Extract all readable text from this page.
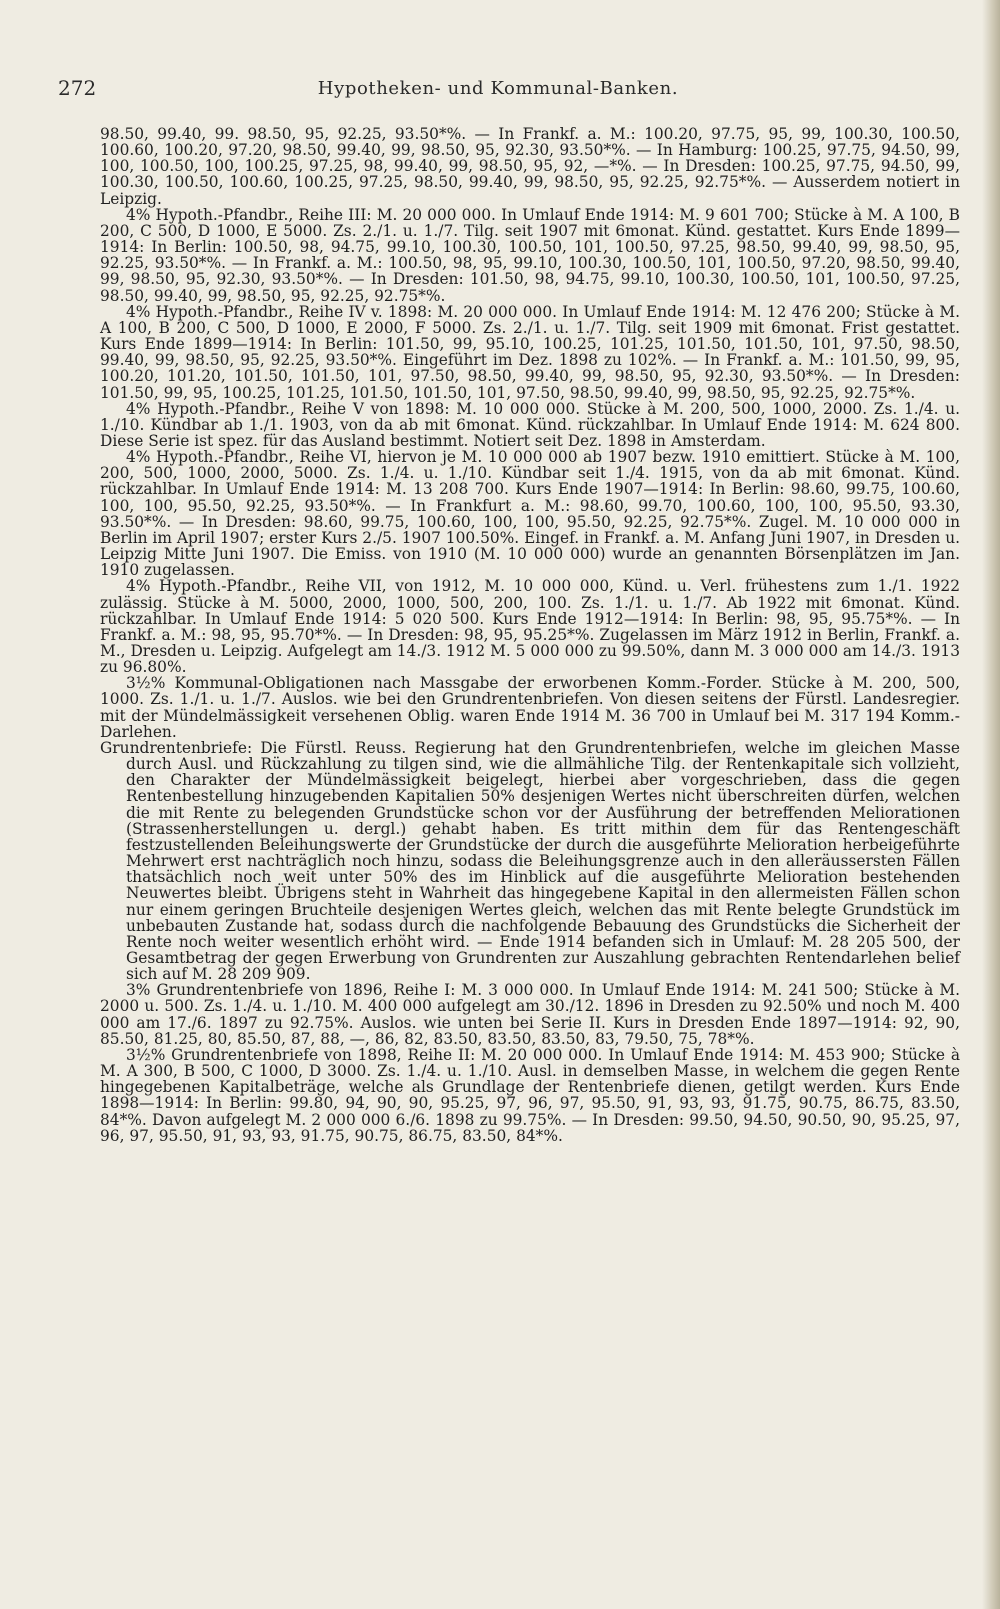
272	Hypotheken- und Kommunal-Banken.

98.50, 99.40, 99. 98.50, 95, 92.25, 93.50*%. — In Frankf. a. M.: 100.20, 97.75, 95, 99, 100.30, 100.50, 100.60, 100.20, 97.20, 98.50, 99.40, 99, 98.50, 95, 92.30, 93.50*%. — In Hamburg: 100.25, 97.75, 94.50, 99, 100, 100.50, 100, 100.25, 97.25, 98, 99.40, 99, 98.50, 95, 92, —*%. — In Dresden: 100.25, 97.75, 94.50, 99, 100.30, 100.50, 100.60, 100.25, 97.25, 98.50, 99.40, 99, 98.50, 95, 92.25, 92.75*%. — Ausserdem notiert in Leipzig.

4% Hypoth.-Pfandbr., Reihe III: M. 20 000 000. In Umlauf Ende 1914: M. 9 601 700; Stücke à M. A 100, B 200, C 500, D 1000, E 5000. Zs. 2./1. u. 1./7. Tilg. seit 1907 mit 6monat. Künd. gestattet. Kurs Ende 1899—1914: In Berlin: 100.50, 98, 94.75, 99.10, 100.30, 100.50, 101, 100.50, 97.25, 98.50, 99.40, 99, 98.50, 95, 92.25, 93.50*%. — In Frankf. a. M.: 100.50, 98, 95, 99.10, 100.30, 100.50, 101, 100.50, 97.20, 98.50, 99.40, 99, 98.50, 95, 92.30, 93.50*%. — In Dresden: 101.50, 98, 94.75, 99.10, 100.30, 100.50, 101, 100.50, 97.25, 98.50, 99.40, 99, 98.50, 95, 92.25, 92.75*%.

4% Hypoth.-Pfandbr., Reihe IV v. 1898: M. 20 000 000. In Umlauf Ende 1914: M. 12 476 200; Stücke à M. A 100, B 200, C 500, D 1000, E 2000, F 5000. Zs. 2./1. u. 1./7. Tilg. seit 1909 mit 6monat. Frist gestattet. Kurs Ende 1899—1914: In Berlin: 101.50, 99, 95.10, 100.25, 101.25, 101.50, 101.50, 101, 97.50, 98.50, 99.40, 99, 98.50, 95, 92.25, 93.50*%. Eingeführt im Dez. 1898 zu 102%. — In Frankf. a. M.: 101.50, 99, 95, 100.20, 101.20, 101.50, 101.50, 101, 97.50, 98.50, 99.40, 99, 98.50, 95, 92.30, 93.50*%. — In Dresden: 101.50, 99, 95, 100.25, 101.25, 101.50, 101.50, 101, 97.50, 98.50, 99.40, 99, 98.50, 95, 92.25, 92.75*%.

4% Hypoth.-Pfandbr., Reihe V von 1898: M. 10 000 000. Stücke à M. 200, 500, 1000, 2000. Zs. 1./4. u. 1./10. Kündbar ab 1./1. 1903, von da ab mit 6monat. Künd. rückzahlbar. In Umlauf Ende 1914: M. 624 800. Diese Serie ist spez. für das Ausland bestimmt. Notiert seit Dez. 1898 in Amsterdam.

4% Hypoth.-Pfandbr., Reihe VI, hiervon je M. 10 000 000 ab 1907 bezw. 1910 emittiert. Stücke à M. 100, 200, 500, 1000, 2000, 5000. Zs. 1./4. u. 1./10. Kündbar seit 1./4. 1915, von da ab mit 6monat. Künd. rückzahlbar. In Umlauf Ende 1914: M. 13 208 700. Kurs Ende 1907—1914: In Berlin: 98.60, 99.75, 100.60, 100, 100, 95.50, 92.25, 93.50*%. — In Frankfurt a. M.: 98.60, 99.70, 100.60, 100, 100, 95.50, 93.30, 93.50*%. — In Dresden: 98.60, 99.75, 100.60, 100, 100, 95.50, 92.25, 92.75*%. Zugel. M. 10 000 000 in Berlin im April 1907; erster Kurs 2./5. 1907 100.50%. Eingef. in Frankf. a. M. Anfang Juni 1907, in Dresden u. Leipzig Mitte Juni 1907. Die Emiss. von 1910 (M. 10 000 000) wurde an genannten Börsenplätzen im Jan. 1910 zugelassen.

4% Hypoth.-Pfandbr., Reihe VII, von 1912, M. 10 000 000, Künd. u. Verl. frühestens zum 1./1. 1922 zulässig. Stücke à M. 5000, 2000, 1000, 500, 200, 100. Zs. 1./1. u. 1./7. Ab 1922 mit 6monat. Künd. rückzahlbar. In Umlauf Ende 1914: 5 020 500. Kurs Ende 1912—1914: In Berlin: 98, 95, 95.75*%. — In Frankf. a. M.: 98, 95, 95.70*%. — In Dresden: 98, 95, 95.25*%. Zugelassen im März 1912 in Berlin, Frankf. a. M., Dresden u. Leipzig. Aufgelegt am 14./3. 1912 M. 5 000 000 zu 99.50%, dann M. 3 000 000 am 14./3. 1913 zu 96.80%.

3½% Kommunal-Obligationen nach Massgabe der erworbenen Komm.-Forder. Stücke à M. 200, 500, 1000. Zs. 1./1. u. 1./7. Auslos. wie bei den Grundrentenbriefen. Von diesen seitens der Fürstl. Landesregier. mit der Mündelmässigkeit versehenen Oblig. waren Ende 1914 M. 36 700 in Umlauf bei M. 317 194 Komm.-Darlehen.

Grundrentenbriefe: Die Fürstl. Reuss. Regierung hat den Grundrentenbriefen, welche im gleichen Masse durch Ausl. und Rückzahlung zu tilgen sind, wie die allmähliche Tilg. der Rentenkapitale sich vollzieht, den Charakter der Mündelmässigkeit beigelegt, hierbei aber vorgeschrieben, dass die gegen Rentenbestellung hinzugebenden Kapitalien 50% desjenigen Wertes nicht überschreiten dürfen, welchen die mit Rente zu belegenden Grundstücke schon vor der Ausführung der betreffenden Meliorationen (Strassenherstellungen u. dergl.) gehabt haben. Es tritt mithin dem für das Rentengeschäft festzustellenden Beleihungswerte der Grundstücke der durch die ausgeführte Melioration herbeigeführte Mehrwert erst nachträglich noch hinzu, sodass die Beleihungsgrenze auch in den alleräussersten Fällen thatsächlich noch weit unter 50% des im Hinblick auf die ausgeführte Melioration bestehenden Neuwertes bleibt. Übrigens steht in Wahrheit das hingegebene Kapital in den allermeisten Fällen schon nur einem geringen Bruchteile desjenigen Wertes gleich, welchen das mit Rente belegte Grundstück im unbebauten Zustande hat, sodass durch die nachfolgende Bebauung des Grundstücks die Sicherheit der Rente noch weiter wesentlich erhöht wird. — Ende 1914 befanden sich in Umlauf: M. 28 205 500, der Gesamtbetrag der gegen Erwerbung von Grundrenten zur Auszahlung gebrachten Rentendarlehen belief sich auf M. 28 209 909.

3% Grundrentenbriefe von 1896, Reihe I: M. 3 000 000. In Umlauf Ende 1914: M. 241 500; Stücke à M. 2000 u. 500. Zs. 1./4. u. 1./10. M. 400 000 aufgelegt am 30./12. 1896 in Dresden zu 92.50% und noch M. 400 000 am 17./6. 1897 zu 92.75%. Auslos. wie unten bei Serie II. Kurs in Dresden Ende 1897—1914: 92, 90, 85.50, 81.25, 80, 85.50, 87, 88, —, 86, 82, 83.50, 83.50, 83.50, 83, 79.50, 75, 78*%.

3½% Grundrentenbriefe von 1898, Reihe II: M. 20 000 000. In Umlauf Ende 1914: M. 453 900; Stücke à M. A 300, B 500, C 1000, D 3000. Zs. 1./4. u. 1./10. Ausl. in demselben Masse, in welchem die gegen Rente hingegebenen Kapitalbeträge, welche als Grundlage der Rentenbriefe dienen, getilgt werden. Kurs Ende 1898—1914: In Berlin: 99.80, 94, 90, 90, 95.25, 97, 96, 97, 95.50, 91, 93, 93, 91.75, 90.75, 86.75, 83.50, 84*%. Davon aufgelegt M. 2 000 000 6./6. 1898 zu 99.75%. — In Dresden: 99.50, 94.50, 90.50, 90, 95.25, 97, 96, 97, 95.50, 91, 93, 93, 91.75, 90.75, 86.75, 83.50, 84*%.
